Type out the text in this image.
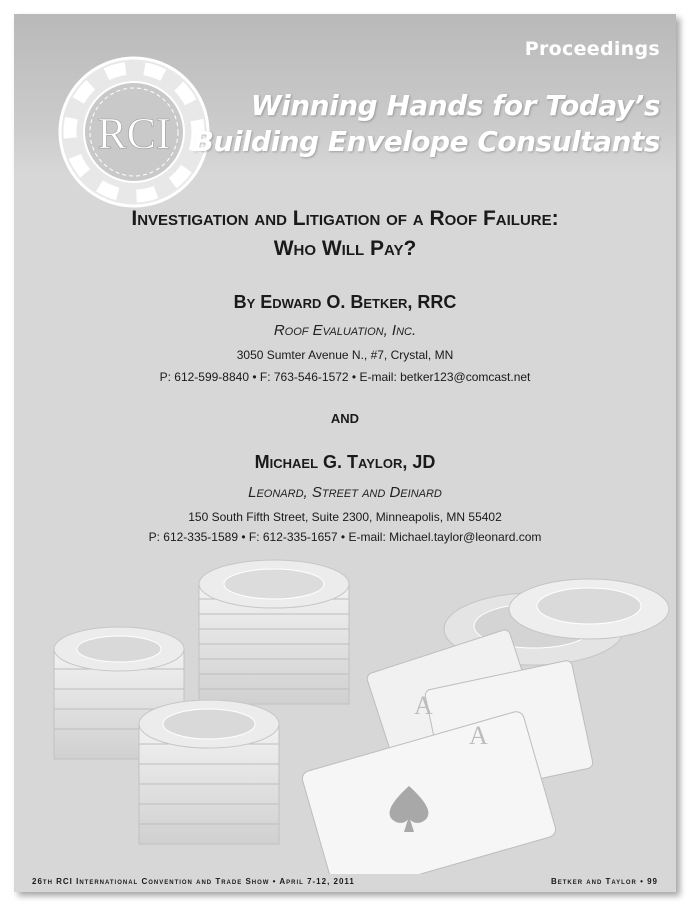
RCI
Proceedings
Winning Hands for Today’s
Building Envelope Consultants
Investigation and Litigation of a Roof Failure:
Who Will Pay?
By Edward O. Betker, RRC
Roof Evaluation, Inc.
3050 Sumter Avenue N., #7, Crystal, MN
P: 612-599-8840 • F: 763-546-1572 • E-mail: betker123@comcast.net
AND
Michael G. Taylor, JD
Leonard, Street and Deinard
150 South Fifth Street, Suite 2300, Minneapolis, MN 55402
P: 612-335-1589 • F: 612-335-1657 • E-mail: Michael.taylor@leonard.com
A
A
26th RCI International Convention and Trade Show • April 7-12, 2011	Betker and Taylor • 99
